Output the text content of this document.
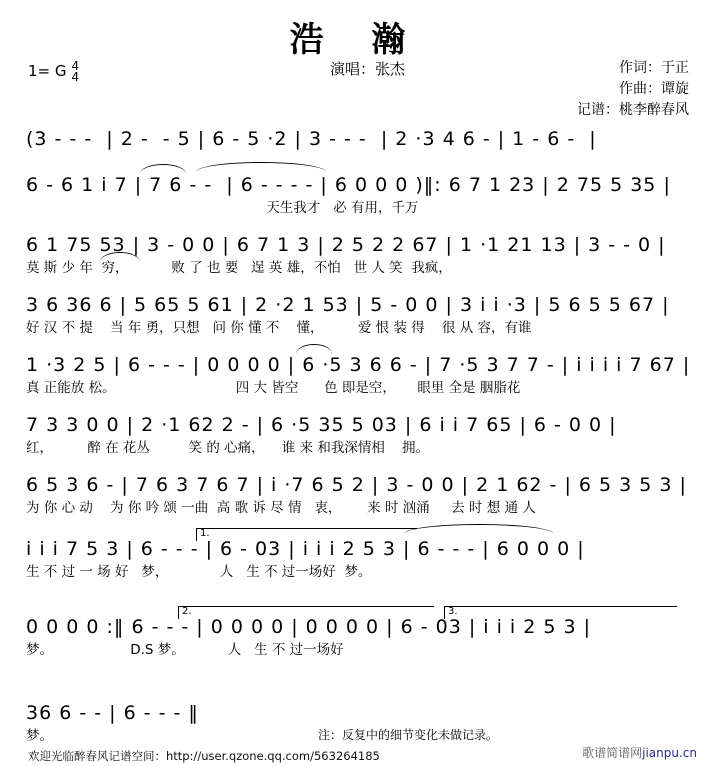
浩 瀚
1= G 4
4	演唱：张杰	作词：于正
作曲：谭旋
记谱：桃李醉春风
(3 - - -  | 2 -  - 5 | 6 - 5 ·2 | 3 - - -  | 2 ·3 4 6 - | 1 - 6 -  |
6 - 6 1 i 7 | 7 6 - -  | 6 - - - - | 6 0 0 0 )‖: 6 7 1 23 | 2 75 5 35 |
天生我才   必 有用，千万
6 1 75 53 | 3 - 0 0 | 6 7 1 3 | 2 5 2 2 67 | 1 ·1 21 13 | 3 - - 0 |
莫 斯 少 年  穷，          败 了 也 要   逞 英 雄，不怕   世 人 笑  我疯，
3 6 36 6 | 5 65 5 61 | 2 ·2 1 53 | 5 - 0 0 | 3 i i ·3 | 5 6 5 5 67 |
好 汉 不 提    当 年 勇，只想   问 你 懂 不    懂，        爱 恨 装 得    很 从 容，有谁
1 ·3 2 5 | 6 - - - | 0 0 0 0 | 6 ·5 3 6 6 - | 7 ·5 3 7 7 - | i i i i 7 67 |
真 正能放 松。                            四 大 皆空      色 即是空，     眼里 全是 胭脂花
7 3 3 0 0 | 2 ·1 62 2 - | 6 ·5 35 5 03 | 6 i i 7 65 | 6 - 0 0 |
红，        醉 在 花丛         笑 的 心痛，    谁 来 和我深情相    拥。
6 5 3 6 - | 7 6 3 7 6 7 | i ·7 6 5 2 | 3 - 0 0 | 2 1 62 - | 6 5 3 5 3 |
为 你 心 动    为 你 吟 颂 一曲  高 歌 诉 尽 情   衷，      来 时 汹涌     去 时 想 通 人
i i i 7 5 3 | 6 - - - | 6 - 03 | i i i 2 5 3 | 6 - - - | 6 0 0 0 |
生 不 过 一 场 好   梦，            人   生 不 过一场好  梦。
1.
0 0 0 0 :‖ 6 - - - | 0 0 0 0 | 0 0 0 0 | 6 - 03 | i i i 2 5 3 |
梦。                  D.S 梦。          人   生 不 过一场好
2.	3.
36 6 - - | 6 - - - ‖
梦。	注：反复中的细节变化未做记录。
欢迎光临醉春风记谱空间：http://user.qzone.qq.com/563264185	歌谱简谱网jianpu.cn
